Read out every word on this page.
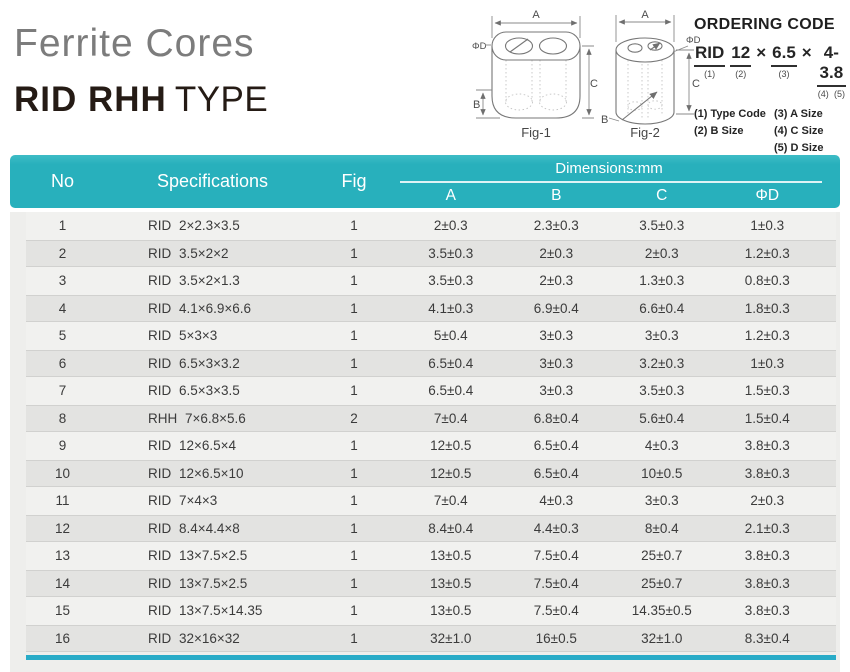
Ferrite Cores
RID RHH TYPE
A
ΦD
C
B
Fig-1
A
ΦD
C
B
Fig-2
ORDERING CODE
RID
(1)
12
(2)
× 6.5
(3)
× 4-3.8
(4) (5)
(1) Type Code (3) A Size
(2) B Size	(4) C Size
(5) D Size
No	Specifications	Fig
Dimensions:mm
A	B	C	ΦD
1	RID 2×2.3×3.5	1	2±0.3	2.3±0.3	3.5±0.3	1±0.3
2	RID 3.5×2×2	1	3.5±0.3	2±0.3	2±0.3	1.2±0.3
3	RID 3.5×2×1.3	1	3.5±0.3	2±0.3	1.3±0.3	0.8±0.3
4	RID 4.1×6.9×6.6	1	4.1±0.3	6.9±0.4	6.6±0.4	1.8±0.3
5	RID 5×3×3	1	5±0.4	3±0.3	3±0.3	1.2±0.3
6	RID 6.5×3×3.2	1	6.5±0.4	3±0.3	3.2±0.3	1±0.3
7	RID 6.5×3×3.5	1	6.5±0.4	3±0.3	3.5±0.3	1.5±0.3
8	RHH 7×6.8×5.6	2	7±0.4	6.8±0.4	5.6±0.4	1.5±0.4
9	RID 12×6.5×4	1	12±0.5	6.5±0.4	4±0.3	3.8±0.3
10	RID 12×6.5×10	1	12±0.5	6.5±0.4	10±0.5	3.8±0.3
11	RID 7×4×3	1	7±0.4	4±0.3	3±0.3	2±0.3
12	RID 8.4×4.4×8	1	8.4±0.4	4.4±0.3	8±0.4	2.1±0.3
13	RID 13×7.5×2.5	1	13±0.5	7.5±0.4	25±0.7	3.8±0.3
14	RID 13×7.5×2.5	1	13±0.5	7.5±0.4	25±0.7	3.8±0.3
15	RID 13×7.5×14.35	1	13±0.5	7.5±0.4	14.35±0.5	3.8±0.3
16	RID 32×16×32	1	32±1.0	16±0.5	32±1.0	8.3±0.4
